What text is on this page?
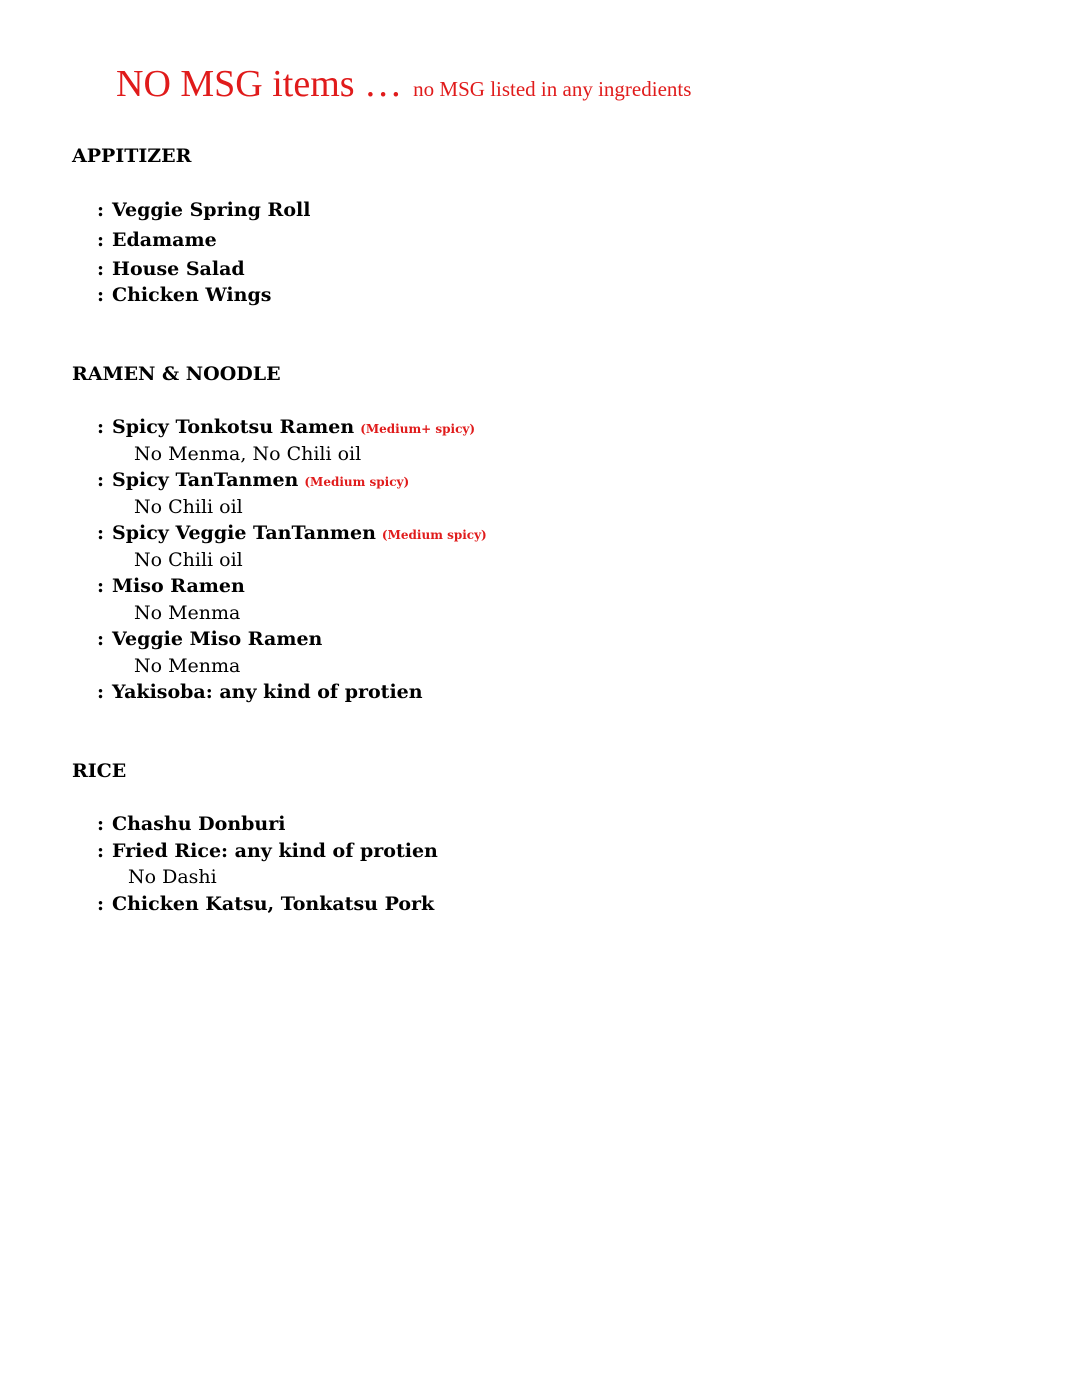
NO MSG items … no MSG listed in any ingredients
APPITIZER
: Veggie Spring Roll
: Edamame
: House Salad
: Chicken Wings
RAMEN & NOODLE
: Spicy Tonkotsu Ramen (Medium+ spicy)
No Menma, No Chili oil
: Spicy TanTanmen (Medium spicy)
No Chili oil
: Spicy Veggie TanTanmen (Medium spicy)
No Chili oil
: Miso Ramen
No Menma
: Veggie Miso Ramen
No Menma
: Yakisoba: any kind of protien
RICE
: Chashu Donburi
: Fried Rice: any kind of protien
No Dashi
: Chicken Katsu, Tonkatsu Pork
